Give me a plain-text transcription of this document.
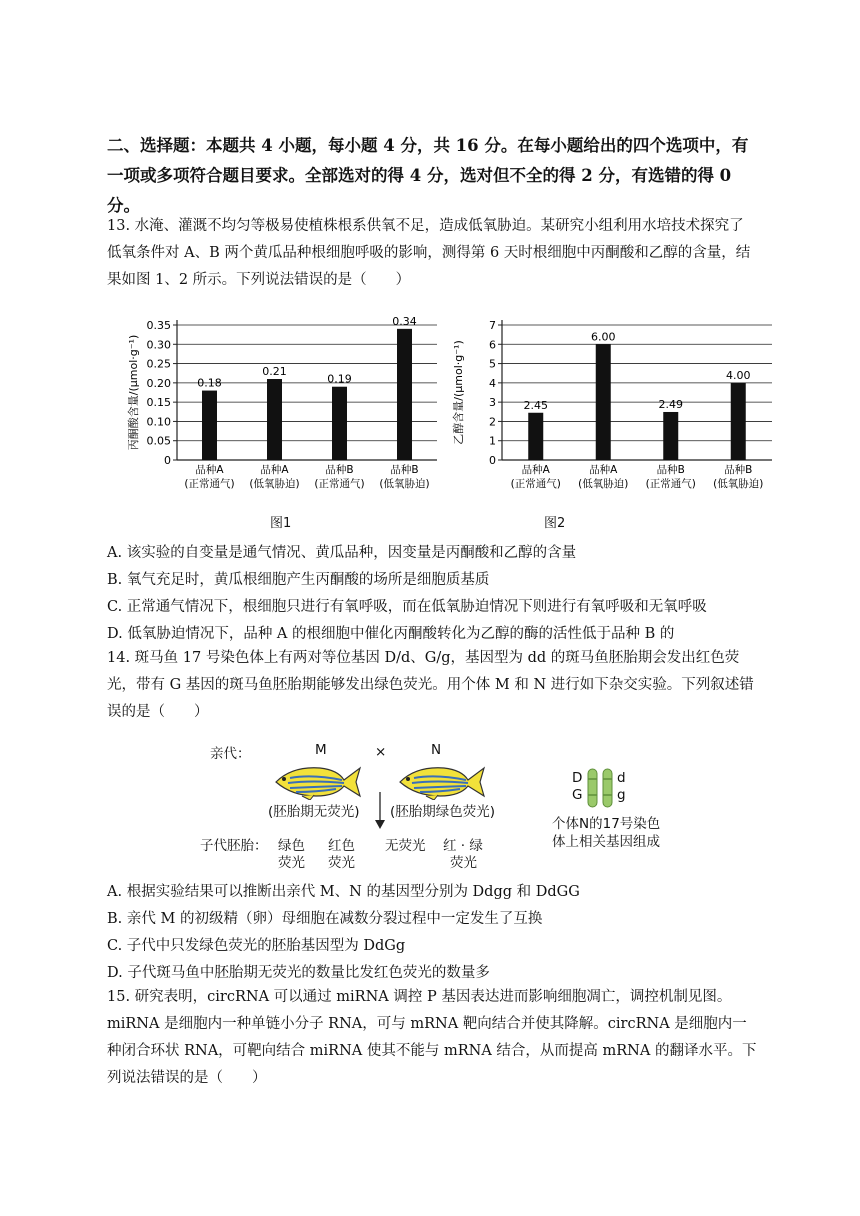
二、选择题：本题共 4 小题，每小题 4 分，共 16 分。在每小题给出的四个选项中，有一项或多项符合题目要求。全部选对的得 4 分，选对但不全的得 2 分，有选错的得 0 分。
13. 水淹、灌溉不均匀等极易使植株根系供氧不足，造成低氧胁迫。某研究小组利用水培技术探究了低氧条件对 A、B 两个黄瓜品种根细胞呼吸的影响，测得第 6 天时根细胞中丙酮酸和乙醇的含量，结果如图 1、2 所示。下列说法错误的是（　　）
丙酮酸含量/(μmol·g⁻¹)
0
0.05
0.10
0.15
0.20
0.25
0.30
0.35
0.18
品种A
(正常通气)
0.21
品种A
(低氧胁迫)
0.19
品种B
(正常通气)
0.34
品种B
(低氧胁迫)
图1
乙醇含量/(μmol·g⁻¹)
0
1
2
3
4
5
6
7
2.45
品种A
(正常通气)
6.00
品种A
(低氧胁迫)
2.49
品种B
(正常通气)
4.00
品种B
(低氧胁迫)
图2
A. 该实验的自变量是通气情况、黄瓜品种，因变量是丙酮酸和乙醇的含量
B. 氧气充足时，黄瓜根细胞产生丙酮酸的场所是细胞质基质
C. 正常通气情况下，根细胞只进行有氧呼吸，而在低氧胁迫情况下则进行有氧呼吸和无氧呼吸
D. 低氧胁迫情况下，品种 A 的根细胞中催化丙酮酸转化为乙醇的酶的活性低于品种 B 的
14. 斑马鱼 17 号染色体上有两对等位基因 D/d、G/g，基因型为 dd 的斑马鱼胚胎期会发出红色荧光，带有 G 基因的斑马鱼胚胎期能够发出绿色荧光。用个体 M 和 N 进行如下杂交实验。下列叙述错误的是（　　）
亲代：	M	×	N
(胚胎期无荧光) (胚胎期绿色荧光)
子代胚胎： 绿色
荧光
红色
荧光
无荧光 红 · 绿
荧光
D
G
d
g
个体N的17号染色
体上相关基因组成
A. 根据实验结果可以推断出亲代 M、N 的基因型分别为 Ddgg 和 DdGG
B. 亲代 M 的初级精（卵）母细胞在减数分裂过程中一定发生了互换
C. 子代中只发绿色荧光的胚胎基因型为 DdGg
D. 子代斑马鱼中胚胎期无荧光的数量比发红色荧光的数量多
15. 研究表明，circRNA 可以通过 miRNA 调控 P 基因表达进而影响细胞凋亡，调控机制见图。miRNA 是细胞内一种单链小分子 RNA，可与 mRNA 靶向结合并使其降解。circRNA 是细胞内一种闭合环状 RNA，可靶向结合 miRNA 使其不能与 mRNA 结合，从而提高 mRNA 的翻译水平。下列说法错误的是（　　）
